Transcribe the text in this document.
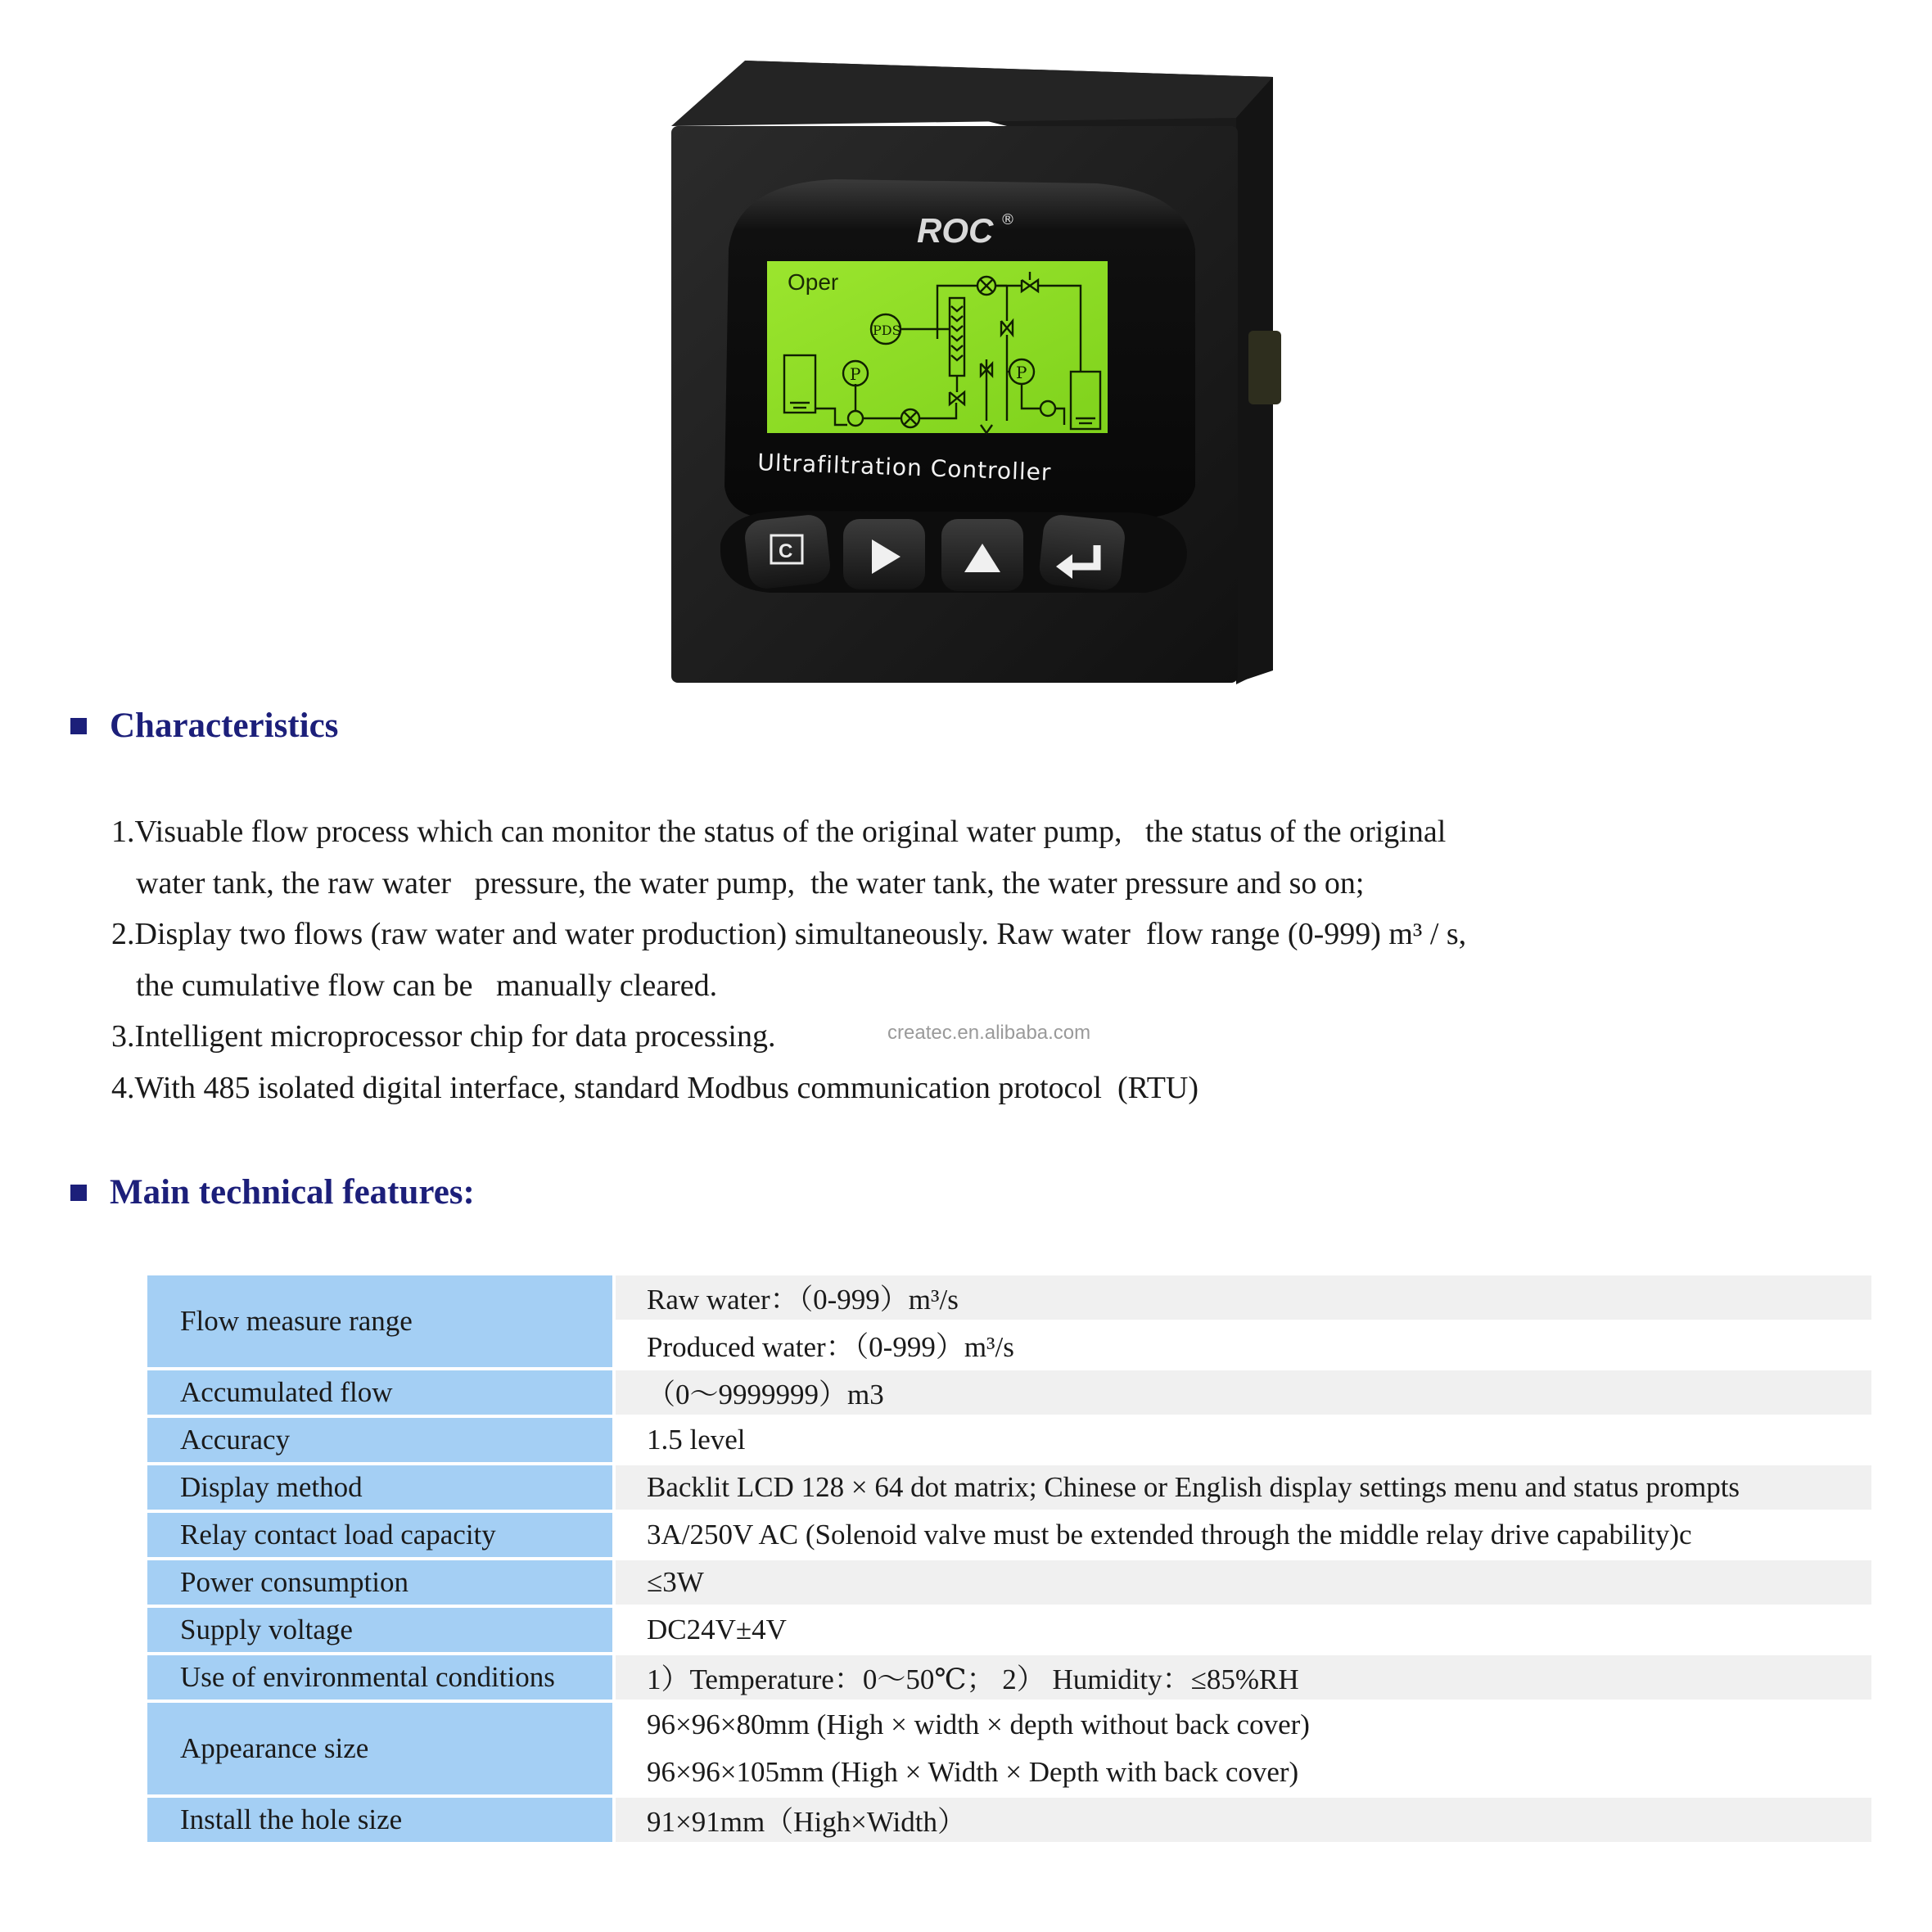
ROC ®
Oper
P
PDS
P
Ultrafiltration Controller
C
Characteristics
1.Visuable flow process which can monitor the status of the original water pump,   the status of the original
water tank, the raw water   pressure, the water pump,  the water tank, the water pressure and so on;
2.Display two flows (raw water and water production) simultaneously. Raw water  flow range (0-999) m³ / s,
the cumulative flow can be   manually cleared.
3.Intelligent microprocessor chip for data processing.
4.With 485 isolated digital interface, standard Modbus communication protocol  (RTU)
createc.en.alibaba.com
Main technical features:
Flow measure range	Raw water：（0-999）m³/s
	Produced water：（0-999）m³/s
Accumulated flow	（0～9999999）m3
Accuracy	1.5 level
Display method	Backlit LCD 128 × 64 dot matrix; Chinese or English display settings menu and status prompts
Relay contact load capacity	3A/250V AC (Solenoid valve must be extended through the middle relay drive capability)c
Power consumption	≤3W
Supply voltage	DC24V±4V
Use of environmental conditions	1）Temperature：0～50℃； 2） Humidity：≤85%RH
Appearance size	96×96×80mm (High × width × depth without back cover)
	96×96×105mm (High × Width × Depth with back cover)
Install the hole size	91×91mm（High×Width）
